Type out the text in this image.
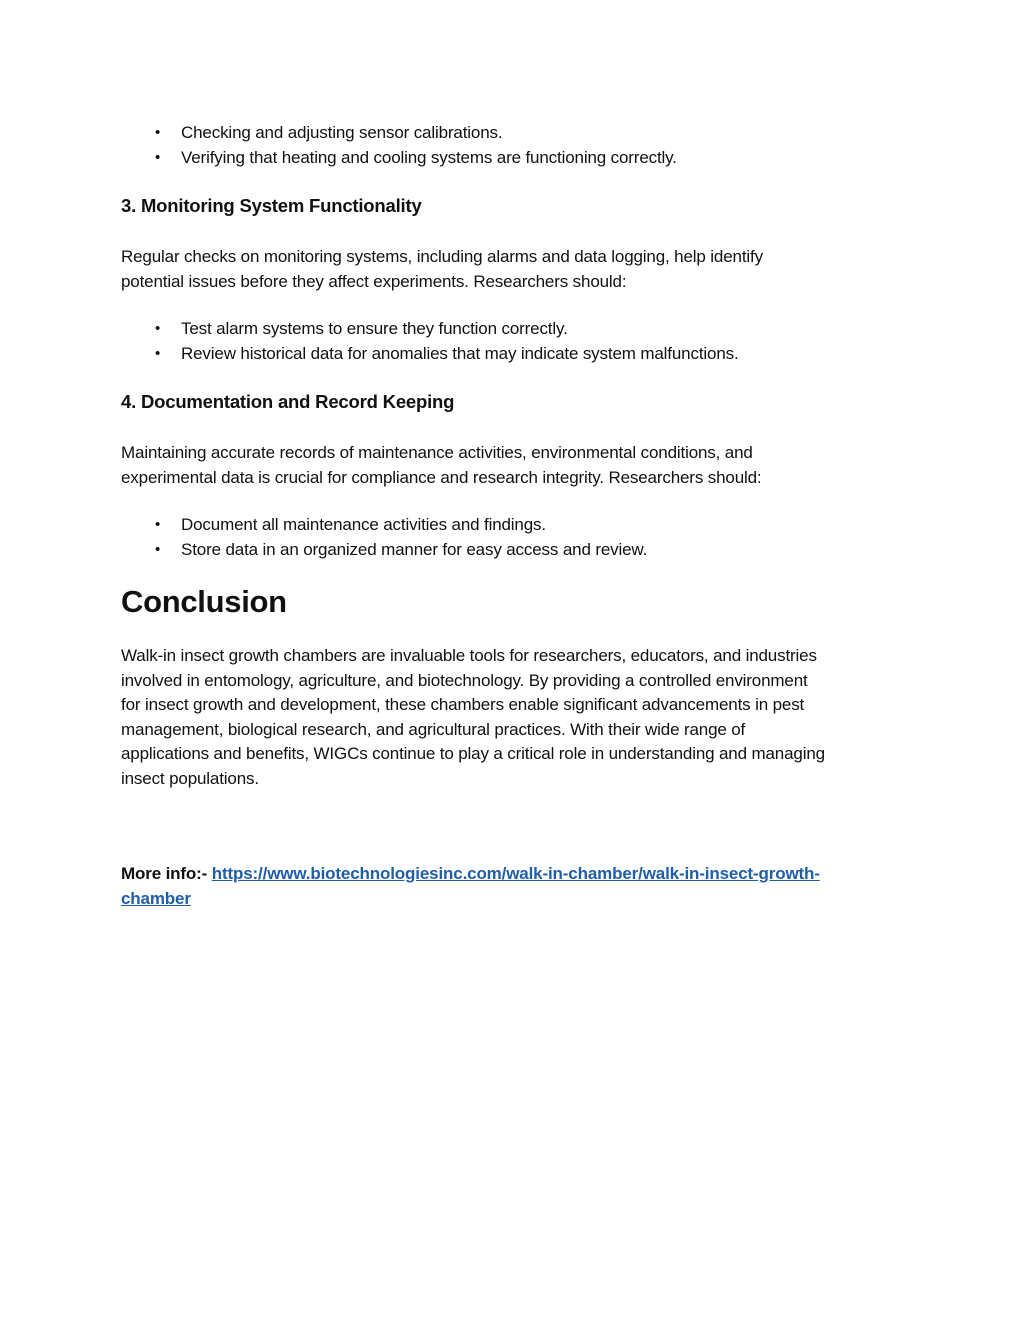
• Checking and adjusting sensor calibrations.
• Verifying that heating and cooling systems are functioning correctly.
3. Monitoring System Functionality

Regular checks on monitoring systems, including alarms and data logging, help identify

potential issues before they affect experiments. Researchers should:

• Test alarm systems to ensure they function correctly.
• Review historical data for anomalies that may indicate system malfunctions.
4. Documentation and Record Keeping

Maintaining accurate records of maintenance activities, environmental conditions, and

experimental data is crucial for compliance and research integrity. Researchers should:

• Document all maintenance activities and findings.
• Store data in an organized manner for easy access and review.
Conclusion

Walk-in insect growth chambers are invaluable tools for researchers, educators, and industries

involved in entomology, agriculture, and biotechnology. By providing a controlled environment

for insect growth and development, these chambers enable significant advancements in pest

management, biological research, and agricultural practices. With their wide range of

applications and benefits, WIGCs continue to play a critical role in understanding and managing

insect populations.

More info:- https://www.biotechnologiesinc.com/walk-in-chamber/walk-in-insect-growth-

chamber
